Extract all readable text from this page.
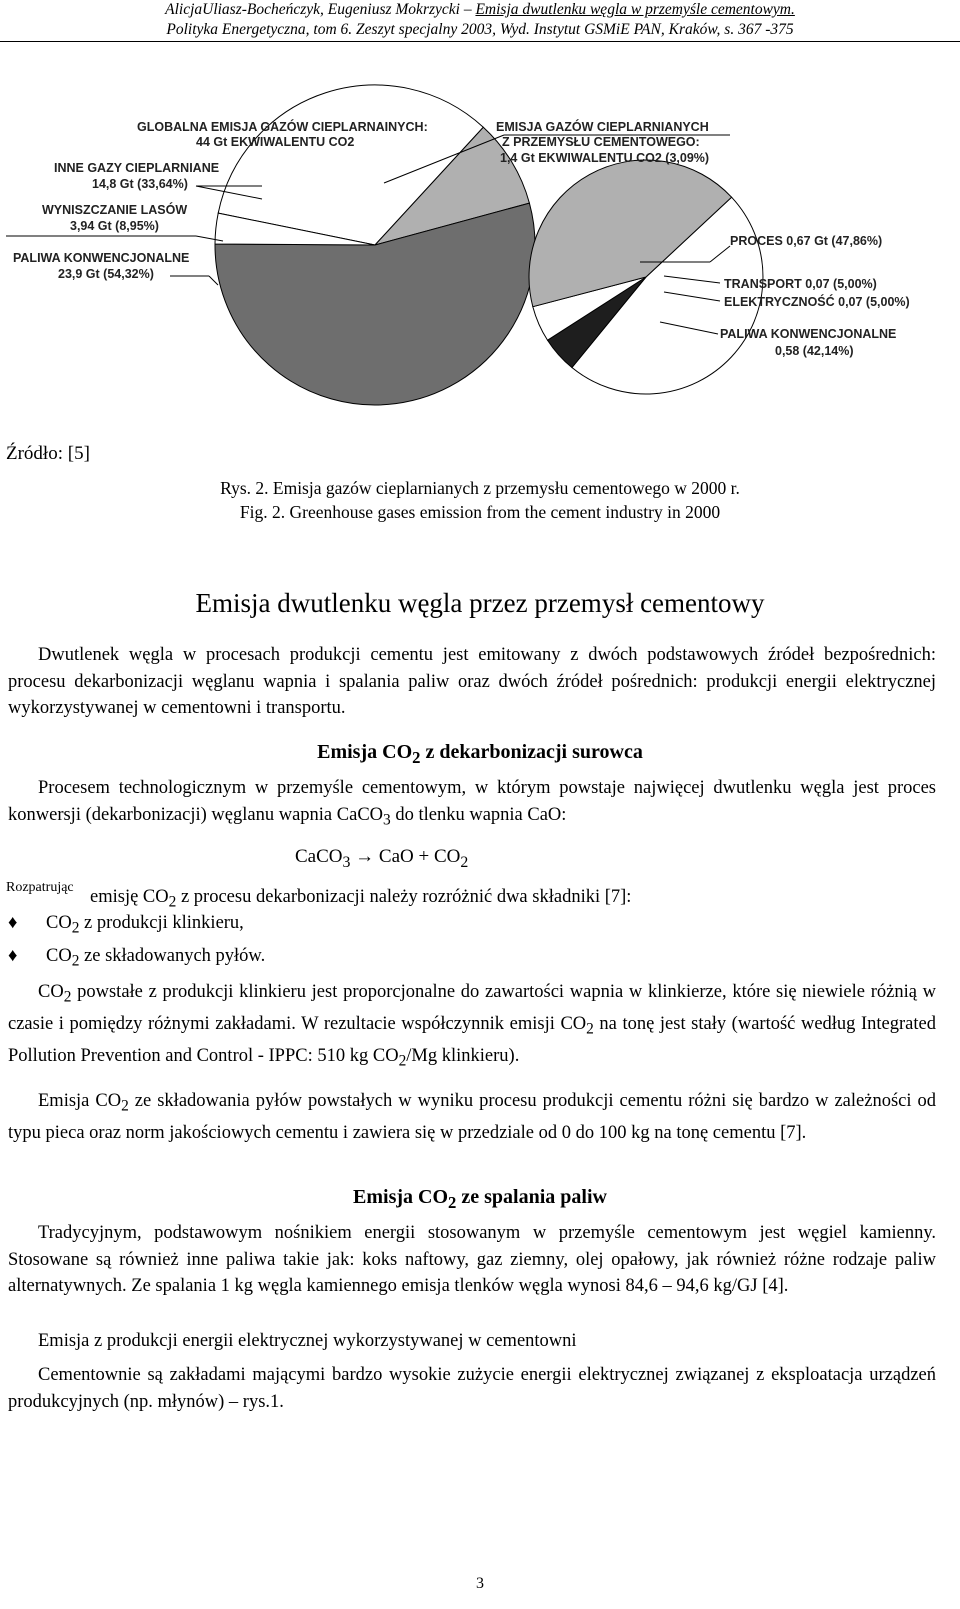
AlicjaUliasz-Bocheńczyk, Eugeniusz Mokrzycki – Emisja dwutlenku węgla w przemyśle cementowym.
Polityka Energetyczna, tom 6. Zeszyt specjalny 2003, Wyd. Instytut GSMiE PAN, Kraków, s. 367 -375
GLOBALNA EMISJA GAZÓW CIEPLARNAINYCH:
44 Gt EKWIWALENTU CO2
INNE GAZY CIEPLARNIANE
14,8 Gt (33,64%)
WYNISZCZANIE LASÓW
3,94 Gt (8,95%)
PALIWA KONWENCJONALNE
23,9 Gt (54,32%)
EMISJA GAZÓW CIEPLARNIANYCH
Z PRZEMYSŁU CEMENTOWEGO:
1,4 Gt EKWIWALENTU CO2 (3,09%)
PROCES 0,67 Gt (47,86%)
TRANSPORT 0,07 (5,00%)
ELEKTRYCZNOŚĆ 0,07 (5,00%)
PALIWA KONWENCJONALNE
0,58 (42,14%)
Źródło: [5]
Rys. 2. Emisja gazów cieplarnianych z przemysłu cementowego w 2000 r.
Fig. 2. Greenhouse gases emission from the cement industry in 2000
Emisja dwutlenku węgla przez przemysł cementowy
Dwutlenek węgla w procesach produkcji cementu jest emitowany z dwóch podstawowych źródeł bezpośrednich: procesu dekarbonizacji węglanu wapnia i spalania paliw oraz dwóch źródeł pośrednich: produkcji energii elektrycznej wykorzystywanej w cementowni i transportu.
Emisja $CO_2$ z dekarbonizacji surowca
Procesem technologicznym w przemyśle cementowym, w którym powstaje najwięcej dwutlenku węgla jest proces konwersji (dekarbonizacji) węglanu wapnia CaCO$_3$ do tlenku wapnia CaO:
CaCO$_3$ → CaO + $CO_2$
Rozpatrując emisję $CO_2$ z procesu dekarbonizacji należy rozróżnić dwa składniki [7]:
♦ $CO_2$ z produkcji klinkieru,
♦ $CO_2$ ze składowanych pyłów.
$CO_2$ powstałe z produkcji klinkieru jest proporcjonalne do zawartości wapnia w klinkierze, które się niewiele różnią w czasie i pomiędzy różnymi zakładami. W rezultacie współczynnik emisji $CO_2$ na tonę jest stały (wartość według Integrated Pollution Prevention and Control - IPPC: 510 kg $CO_2/Mg$ klinkieru).
Emisja $CO_2$ ze składowania pyłów powstałych w wyniku procesu produkcji cementu różni się bardzo w zależności od typu pieca oraz norm jakościowych cementu i zawiera się w przedziale od 0 do 100 kg na tonę cementu [7].
Emisja $CO_2$ ze spalania paliw
Tradycyjnym, podstawowym nośnikiem energii stosowanym w przemyśle cementowym jest węgiel kamienny. Stosowane są również inne paliwa takie jak: koks naftowy, gaz ziemny, olej opałowy, jak również różne rodzaje paliw alternatywnych. Ze spalania 1 kg węgla kamiennego emisja tlenków węgla wynosi 84,6 – 94,6 kg/GJ [4].
Emisja z produkcji energii elektrycznej wykorzystywanej w cementowni
Cementownie są zakładami mającymi bardzo wysokie zużycie energii elektrycznej związanej z eksploatacja urządzeń produkcyjnych (np. młynów) – rys.1.
3
